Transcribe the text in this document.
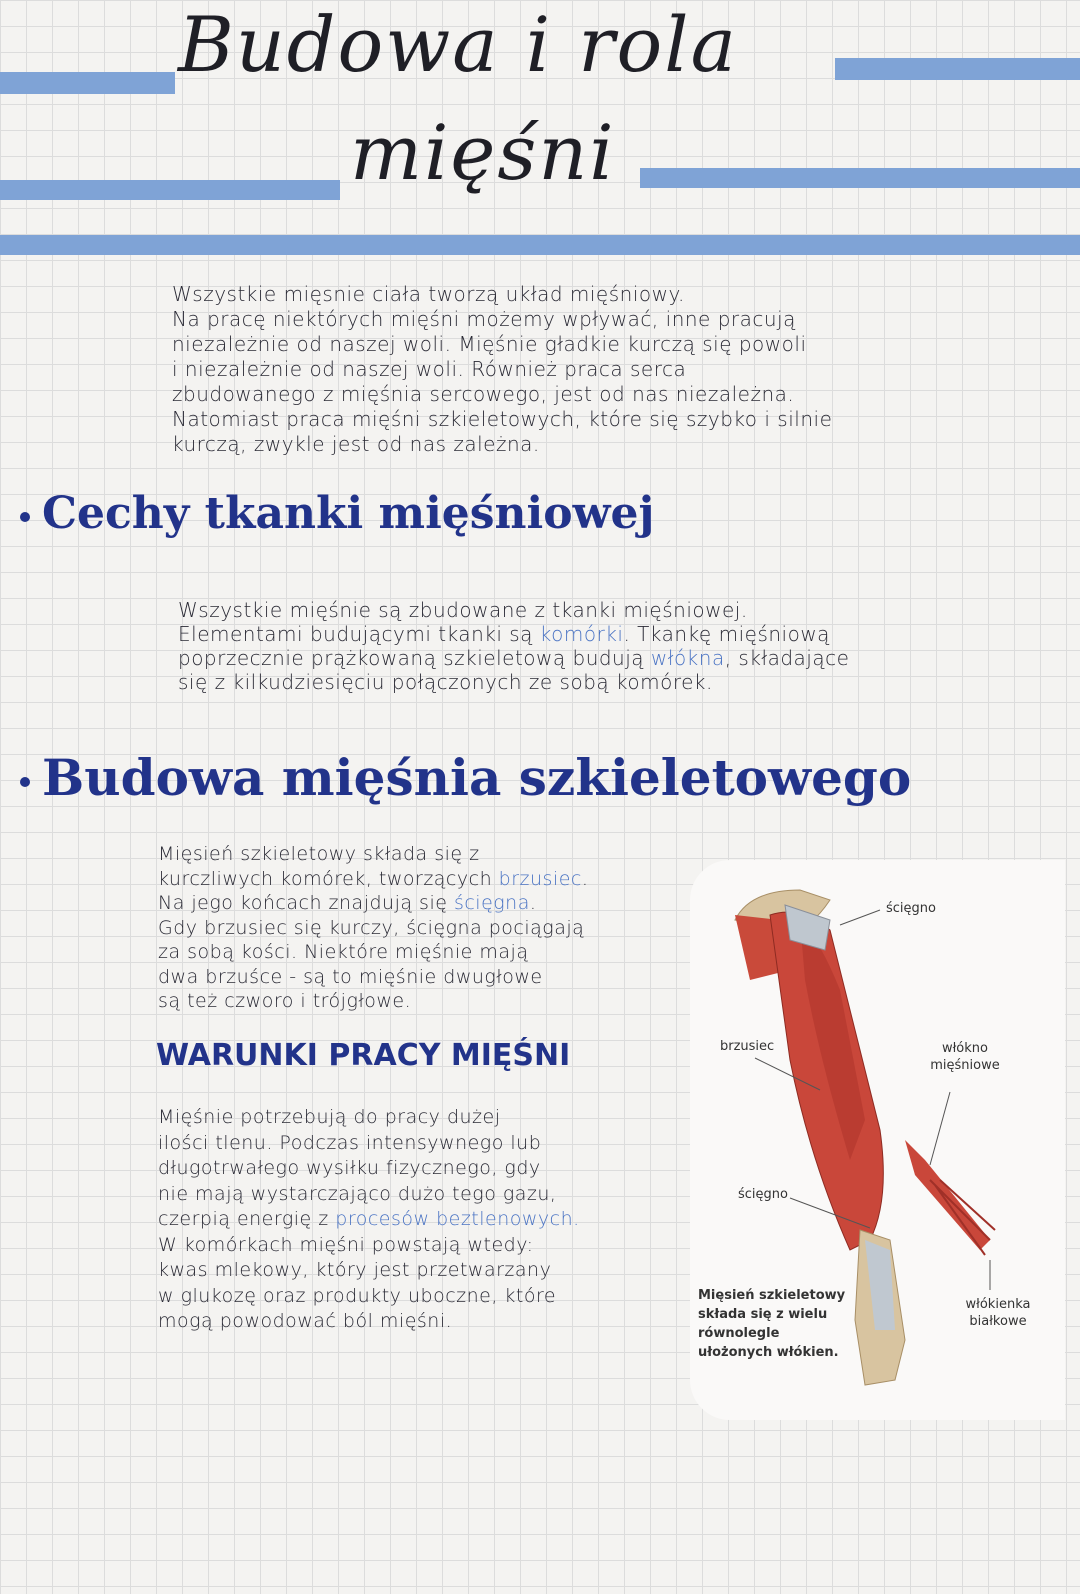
Budowa i rola
mięśni
Wszystkie mięsnie ciała tworzą układ mięśniowy.
Na pracę niektórych mięśni możemy wpływać, inne pracują
niezależnie od naszej woli. Mięśnie gładkie kurczą się powoli
i niezależnie od naszej woli. Również praca serca
zbudowanego z mięśnia sercowego, jest od nas niezależna.
Natomiast praca mięśni szkieletowych, które się szybko i silnie
kurczą, zwykle jest od nas zależna.
Cechy tkanki mięśniowej
Wszystkie mięśnie są zbudowane z tkanki mięśniowej.
Elementami budującymi tkanki są komórki. Tkankę mięśniową
poprzecznie prążkowaną szkieletową budują włókna, składające
się z kilkudziesięciu połączonych ze sobą komórek.
Budowa mięśnia szkieletowego
Mięsień szkieletowy składa się z
kurczliwych komórek, tworzących brzusiec.
Na jego końcach znajdują się ścięgna.
Gdy brzusiec się kurczy, ścięgna pociągają
za sobą kości. Niektóre mięśnie mają
dwa brzuśce - są to mięśnie dwugłowe
są też czworo i trójgłowe.
WARUNKI PRACY MIĘŚNI
Mięśnie potrzebują do pracy dużej
ilości tlenu. Podczas intensywnego lub
długotrwałego wysiłku fizycznego, gdy
nie mają wystarczająco dużo tego gazu,
czerpią energię z procesów beztlenowych.
W komórkach mięśni powstają wtedy:
kwas mlekowy, który jest przetwarzany
w glukozę oraz produkty uboczne, które
mogą powodować ból mięśni.
ścięgno
brzusiec	włókno mięśniowe
ścięgno
włókienka białkowe
Mięsień szkieletowy składa się z wielu równolegle ułożonych włókien.
